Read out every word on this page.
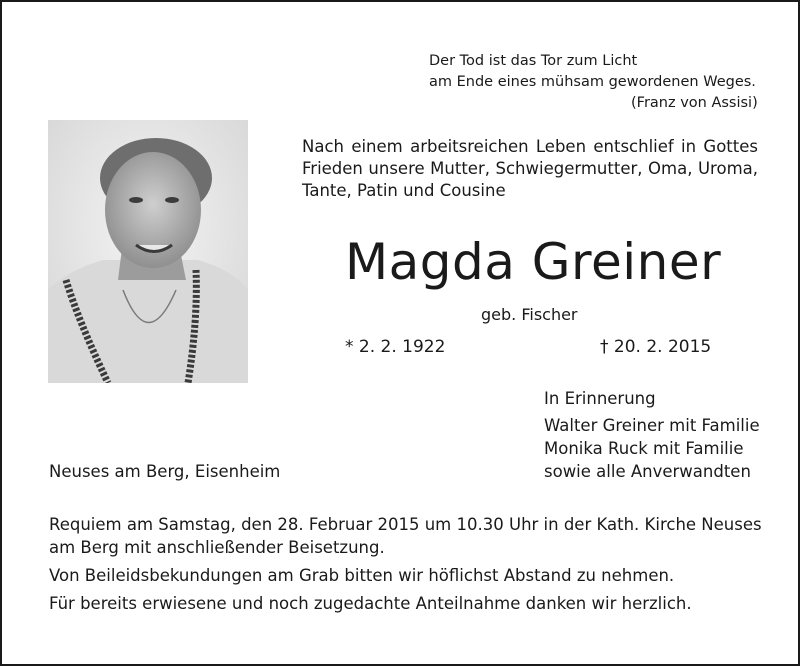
Der Tod ist das Tor zum Licht
am Ende eines mühsam gewordenen Weges.
(Franz von Assisi)
Nach einem arbeitsreichen Leben entschlief in Gottes
Frieden unsere Mutter, Schwiegermutter, Oma, Uroma,
Tante, Patin und Cousine
Magda Greiner
geb. Fischer
* 2. 2. 1922	† 20. 2. 2015
In Erinnerung
Walter Greiner mit Familie
Monika Ruck mit Familie
sowie alle Anverwandten
Neuses am Berg, Eisenheim
Requiem am Samstag, den 28. Februar 2015 um 10.30 Uhr in der Kath. Kirche Neuses
am Berg mit anschließender Beisetzung.
Von Beileidsbekundungen am Grab bitten wir höflichst Abstand zu nehmen.
Für bereits erwiesene und noch zugedachte Anteilnahme danken wir herzlich.
